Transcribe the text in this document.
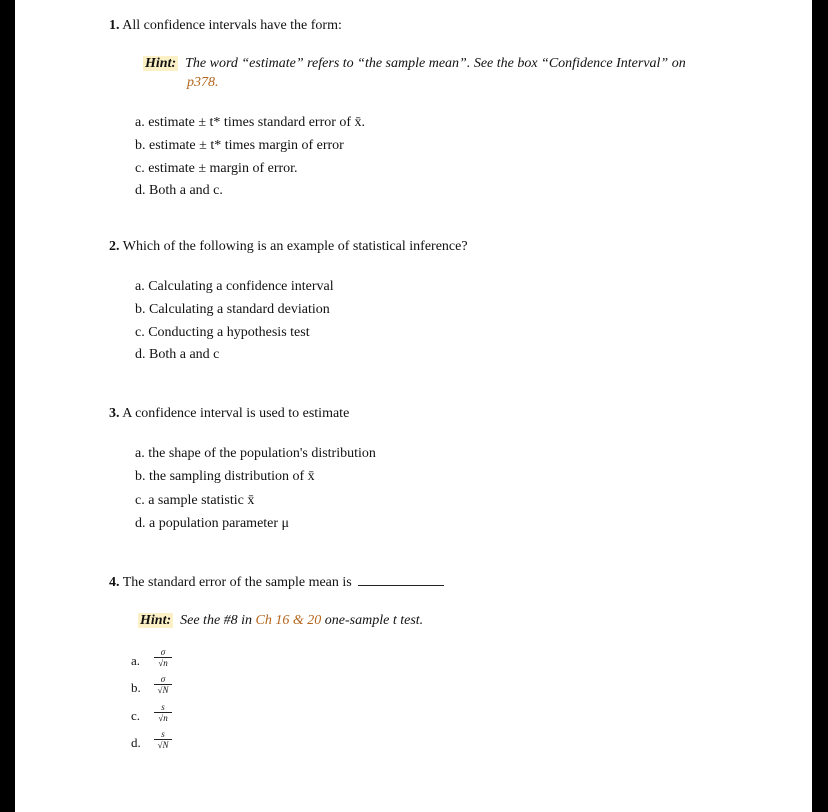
1. All confidence intervals have the form:
Hint: The word “estimate” refers to “the sample mean”. See the box “Confidence Interval” on
p378.
a. estimate ± t* times standard error of x̄.
b. estimate ± t* times margin of error
c. estimate ± margin of error.
d. Both a and c.
2. Which of the following is an example of statistical inference?
a. Calculating a confidence interval
b. Calculating a standard deviation
c. Conducting a hypothesis test
d. Both a and c
3. A confidence interval is used to estimate
a. the shape of the population's distribution
b. the sampling distribution of x̄
c. a sample statistic x̄
d. a population parameter μ
4. The standard error of the sample mean is
Hint: See the #8 in Ch 16 & 20 one-sample t test.
a.
σ
√n
b.
σ
√N
c.
s
√n
d.
s
√N
